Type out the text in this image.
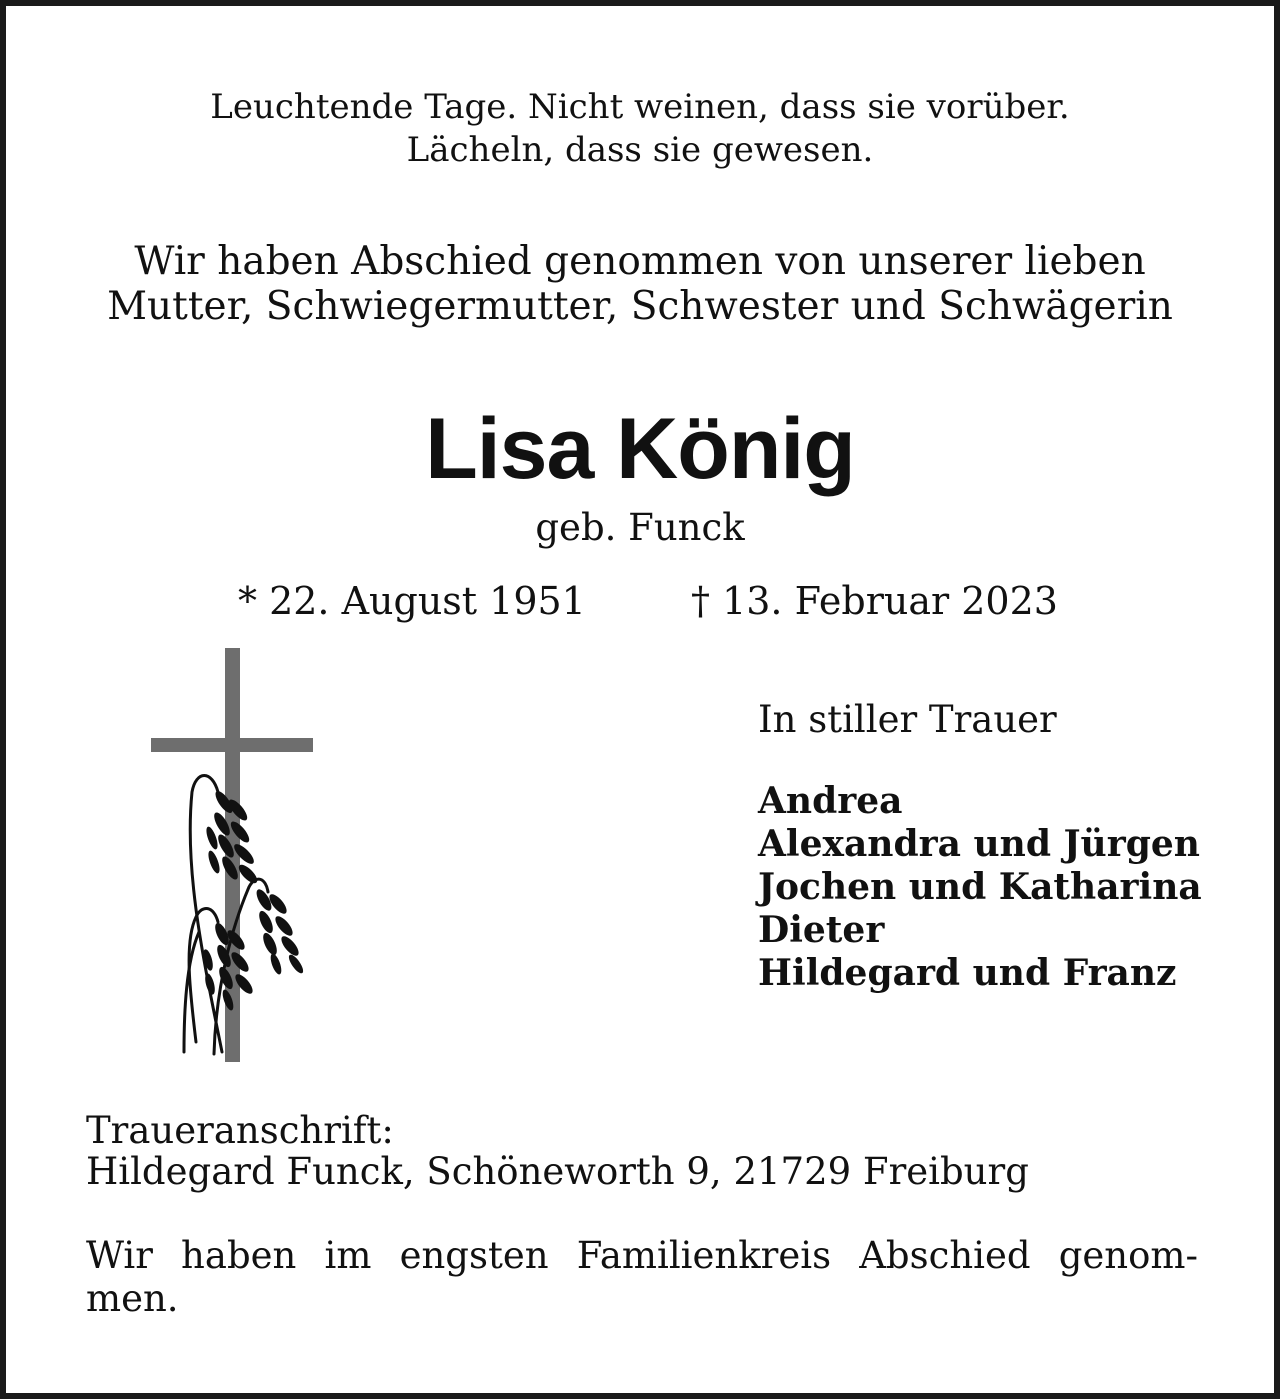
Leuchtende Tage. Nicht weinen, dass sie vorüber.
Lächeln, dass sie gewesen.
Wir haben Abschied genommen von unserer lieben
Mutter, Schwiegermutter, Schwester und Schwägerin
Lisa König
geb. Funck
* 22. August 1951	† 13. Februar 2023
In stiller Trauer
Andrea
Alexandra und Jürgen
Jochen und Katharina
Dieter
Hildegard und Franz
Traueranschrift:
Hildegard Funck, Schöneworth 9, 21729 Freiburg
Wir haben im engsten Familienkreis Abschied genom-
men.
